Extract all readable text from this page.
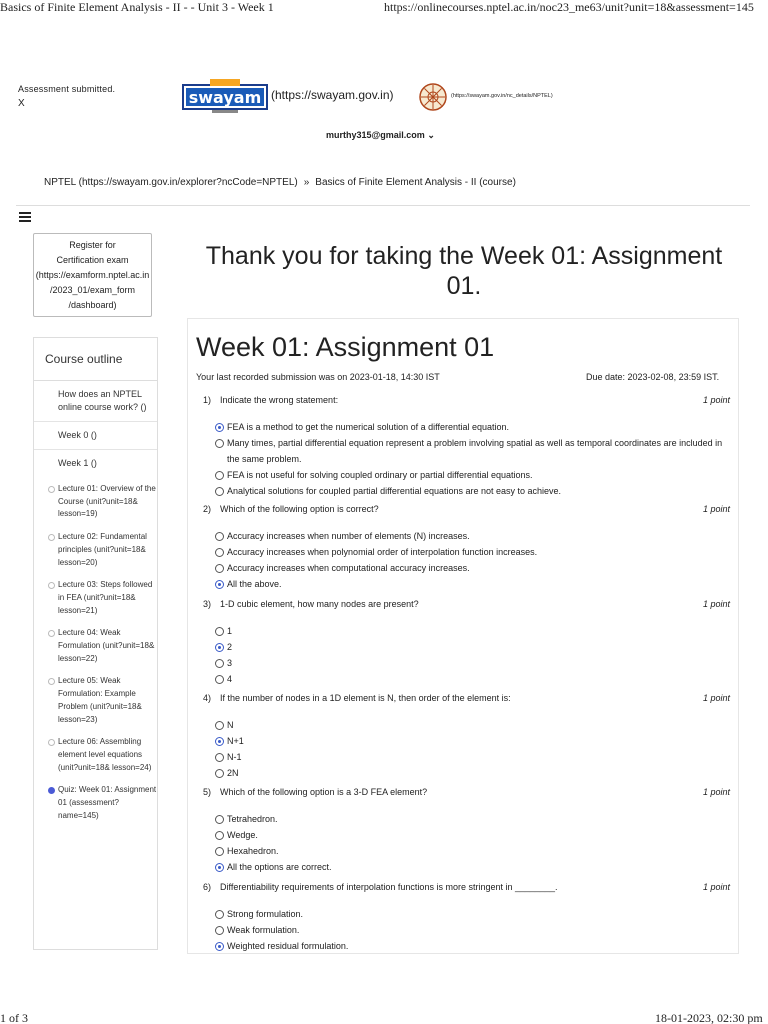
Basics of Finite Element Analysis - II - - Unit 3 - Week 1	https://onlinecourses.nptel.ac.in/noc23_me63/unit?unit=18&assessment=145
1 of 3	18-01-2023, 02:30 pm
Assessment submitted.
X	swayam (https://swayam.gov.in)	(https://swayam.gov.in/nc_details/NPTEL)
murthy315@gmail.com ⌄
NPTEL (https://swayam.gov.in/explorer?ncCode=NPTEL) » Basics of Finite Element Analysis - II (course)
Register for
Certification exam
(https://examform.nptel.ac.in
/2023_01/exam_form
/dashboard)
Course outline
How does an NPTEL online course work? ()
Week 0 ()
Week 1 ()
Lecture 01: Overview of the Course (unit?unit=18& lesson=19)
Lecture 02: Fundamental principles (unit?unit=18& lesson=20)
Lecture 03: Steps followed in FEA (unit?unit=18& lesson=21)
Lecture 04: Weak Formulation (unit?unit=18& lesson=22)
Lecture 05: Weak Formulation: Example Problem (unit?unit=18& lesson=23)
Lecture 06: Assembling element level equations (unit?unit=18& lesson=24)
Quiz: Week 01: Assignment 01 (assessment?name=145)
Thank you for taking the Week 01: Assignment 01.
Week 01: Assignment 01
Your last recorded submission was on 2023-01-18, 14:30 IST	Due date: 2023-02-08, 23:59 IST.
1) Indicate the wrong statement:	1 point
FEA is a method to get the numerical solution of a differential equation.
Many times, partial differential equation represent a problem involving spatial as well as temporal coordinates are included in the same problem.
FEA is not useful for solving coupled ordinary or partial differential equations.
Analytical solutions for coupled partial differential equations are not easy to achieve.
2) Which of the following option is correct?	1 point
Accuracy increases when number of elements (N) increases.
Accuracy increases when polynomial order of interpolation function increases.
Accuracy increases when computational accuracy increases.
All the above.
3) 1-D cubic element, how many nodes are present?	1 point
1
2
3
4
4) If the number of nodes in a 1D element is N, then order of the element is:	1 point
N
N+1
N-1
2N
5) Which of the following option is a 3-D FEA element?	1 point
Tetrahedron.
Wedge.
Hexahedron.
All the options are correct.
6) Differentiability requirements of interpolation functions is more stringent in ________.	1 point
Strong formulation.
Weak formulation.
Weighted residual formulation.
